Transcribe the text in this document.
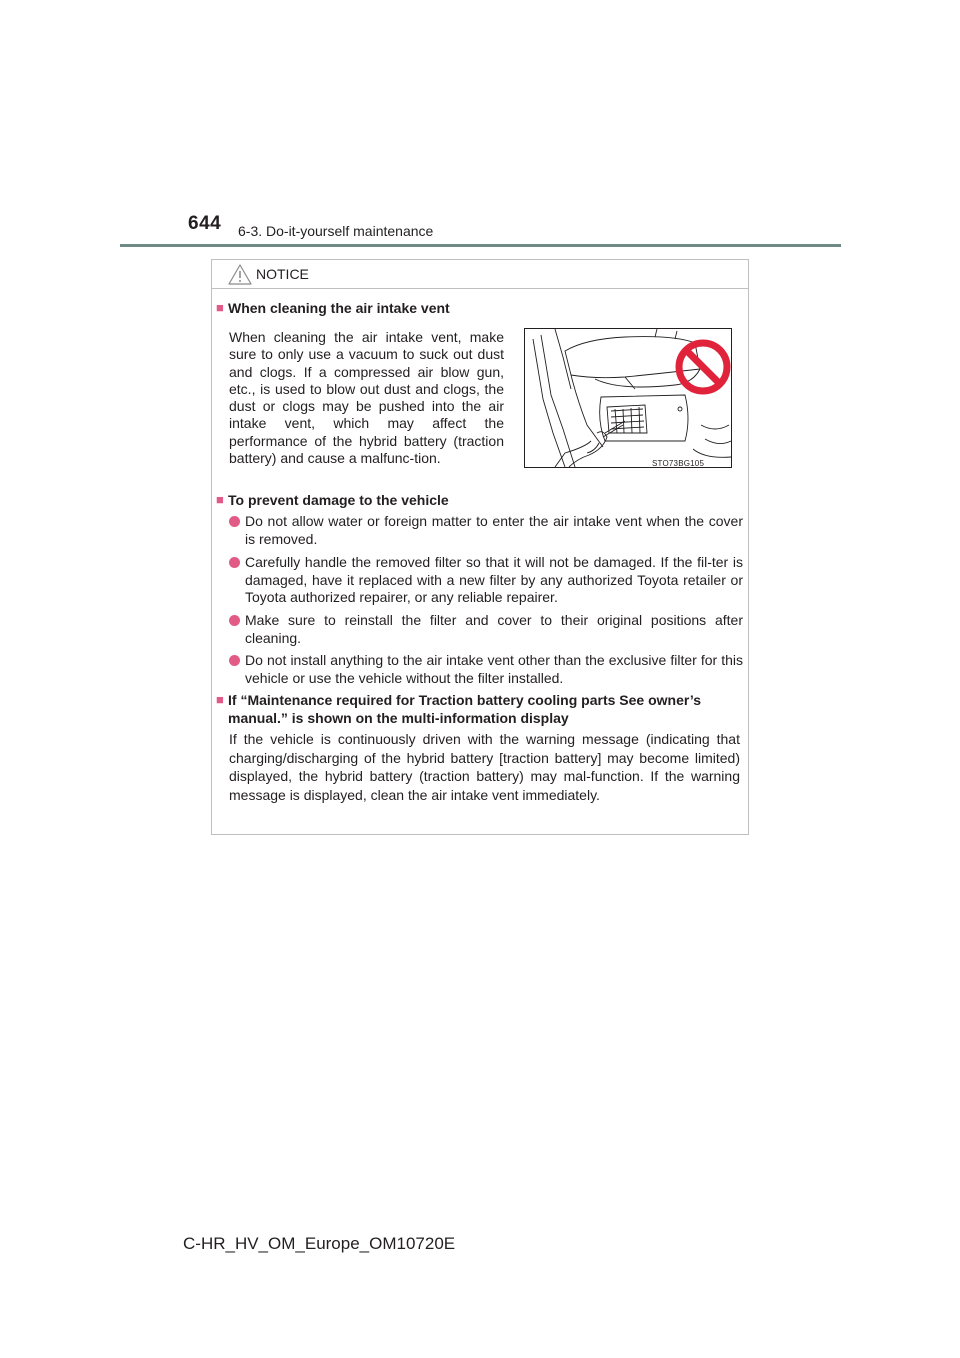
644 6-3. Do-it-yourself maintenance
NOTICE
■ When cleaning the air intake vent
When cleaning the air intake vent, make sure to only use a vacuum to suck out dust and clogs. If a compressed air blow gun, etc., is used to blow out dust and clogs, the dust or clogs may be pushed into the air intake vent, which may affect the performance of the hybrid battery (traction battery) and cause a malfunc-tion.	STO73BG105
■ To prevent damage to the vehicle
Do not allow water or foreign matter to enter the air intake vent when the cover is removed.
Carefully handle the removed filter so that it will not be damaged. If the fil-ter is damaged, have it replaced with a new filter by any authorized Toyota retailer or Toyota authorized repairer, or any reliable repairer.
Make sure to reinstall the filter and cover to their original positions after cleaning.
Do not install anything to the air intake vent other than the exclusive filter for this vehicle or use the vehicle without the filter installed.
■ If “Maintenance required for Traction battery cooling parts See owner’s manual.” is shown on the multi-information display
If the vehicle is continuously driven with the warning message (indicating that charging/discharging of the hybrid battery [traction battery] may become limited) displayed, the hybrid battery (traction battery) may mal-function. If the warning message is displayed, clean the air intake vent immediately.
C-HR_HV_OM_Europe_OM10720E
